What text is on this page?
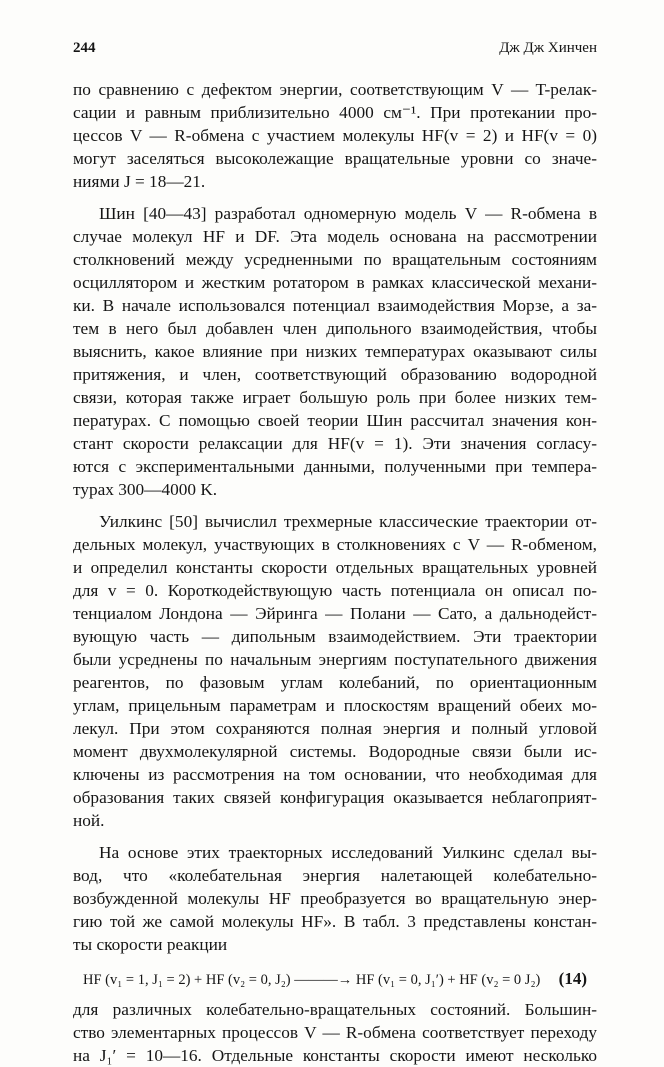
244	Дж Дж Хинчен
по сравнению с дефектом энергии, соответствующим V — T-релак-
сации и равным приблизительно 4000 см⁻¹. При протекании про-
цессов V — R-обмена с участием молекулы HF(v = 2) и HF(v = 0)
могут заселяться высоколежащие вращательные уровни со значе-
ниями J = 18—21.
Шин [40—43] разработал одномерную модель V — R-обмена в
случае молекул HF и DF. Эта модель основана на рассмотрении
столкновений между усредненными по вращательным состояниям
осциллятором и жестким ротатором в рамках классической механи-
ки. В начале использовался потенциал взаимодействия Морзе, а за-
тем в него был добавлен член дипольного взаимодействия, чтобы
выяснить, какое влияние при низких температурах оказывают силы
притяжения, и член, соответствующий образованию водородной
связи, которая также играет большую роль при более низких тем-
пературах. С помощью своей теории Шин рассчитал значения кон-
стант скорости релаксации для HF(v = 1). Эти значения согласу-
ются с экспериментальными данными, полученными при темпера-
турах 300—4000 K.
Уилкинс [50] вычислил трехмерные классические траектории от-
дельных молекул, участвующих в столкновениях с V — R-обменом,
и определил константы скорости отдельных вращательных уровней
для v = 0. Короткодействующую часть потенциала он описал по-
тенциалом Лондона — Эйринга — Полани — Сато, а дальнодейст-
вующую часть — дипольным взаимодействием. Эти траектории
были усреднены по начальным энергиям поступательного движения
реагентов, по фазовым углам колебаний, по ориентационным
углам, прицельным параметрам и плоскостям вращений обеих мо-
лекул. При этом сохраняются полная энергия и полный угловой
момент двухмолекулярной системы. Водородные связи были ис-
ключены из рассмотрения на том основании, что необходимая для
образования таких связей конфигурация оказывается неблагоприят-
ной.
На основе этих траекторных исследований Уилкинс сделал вы-
вод, что «колебательная энергия налетающей колебательно-
возбужденной молекулы HF преобразуется во вращательную энер-
гию той же самой молекулы HF». В табл. 3 представлены констан-
ты скорости реакции
HF (v₁ = 1, J₁ = 2) + HF (v₂ = 0, J₂) ———→ HF (v₁ = 0, J₁′) + HF (v₂ = 0 J₂) (14)
для различных колебательно-вращательных состояний. Большин-
ство элементарных процессов V — R-обмена соответствует переходу
на J₁′ = 10—16. Отдельные константы скорости имеют несколько
